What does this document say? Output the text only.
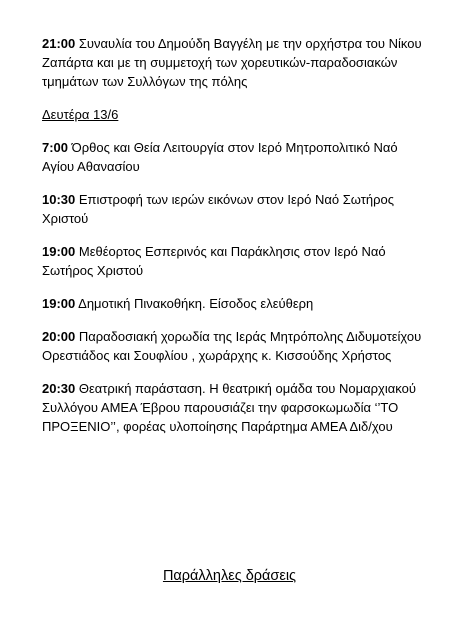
21:00 Συναυλία του Δημούδη Βαγγέλη με την ορχήστρα του Νίκου Ζαπάρτα και με τη συμμετοχή των χορευτικών-παραδοσιακών τμημάτων των Συλλόγων της πόλης

Δευτέρα 13/6

7:00 Όρθος και Θεία Λειτουργία στον Ιερό Μητροπολιτικό Ναό Αγίου Αθανασίου

10:30 Επιστροφή των ιερών εικόνων στον Ιερό Ναό Σωτήρος Χριστού

19:00 Μεθέορτος Εσπερινός και Παράκλησις στον Ιερό Ναό Σωτήρος Χριστού

19:00 Δημοτική Πινακοθήκη. Είσοδος ελεύθερη

20:00 Παραδοσιακή χορωδία της Ιεράς Μητρόπολης Διδυμοτείχου Ορεστιάδος και Σουφλίου , χωράρχης κ. Κισσούδης Χρήστος

20:30 Θεατρική παράσταση. Η θεατρική ομάδα του Νομαρχιακού Συλλόγου ΑΜΕΑ Έβρου παρουσιάζει την φαρσοκωμωδία ‘’ΤΟ ΠΡΟΞΕΝΙΟ’’, φορέας υλοποίησης Παράρτημα ΑΜΕΑ Διδ/χου

Παράλληλες δράσεις
